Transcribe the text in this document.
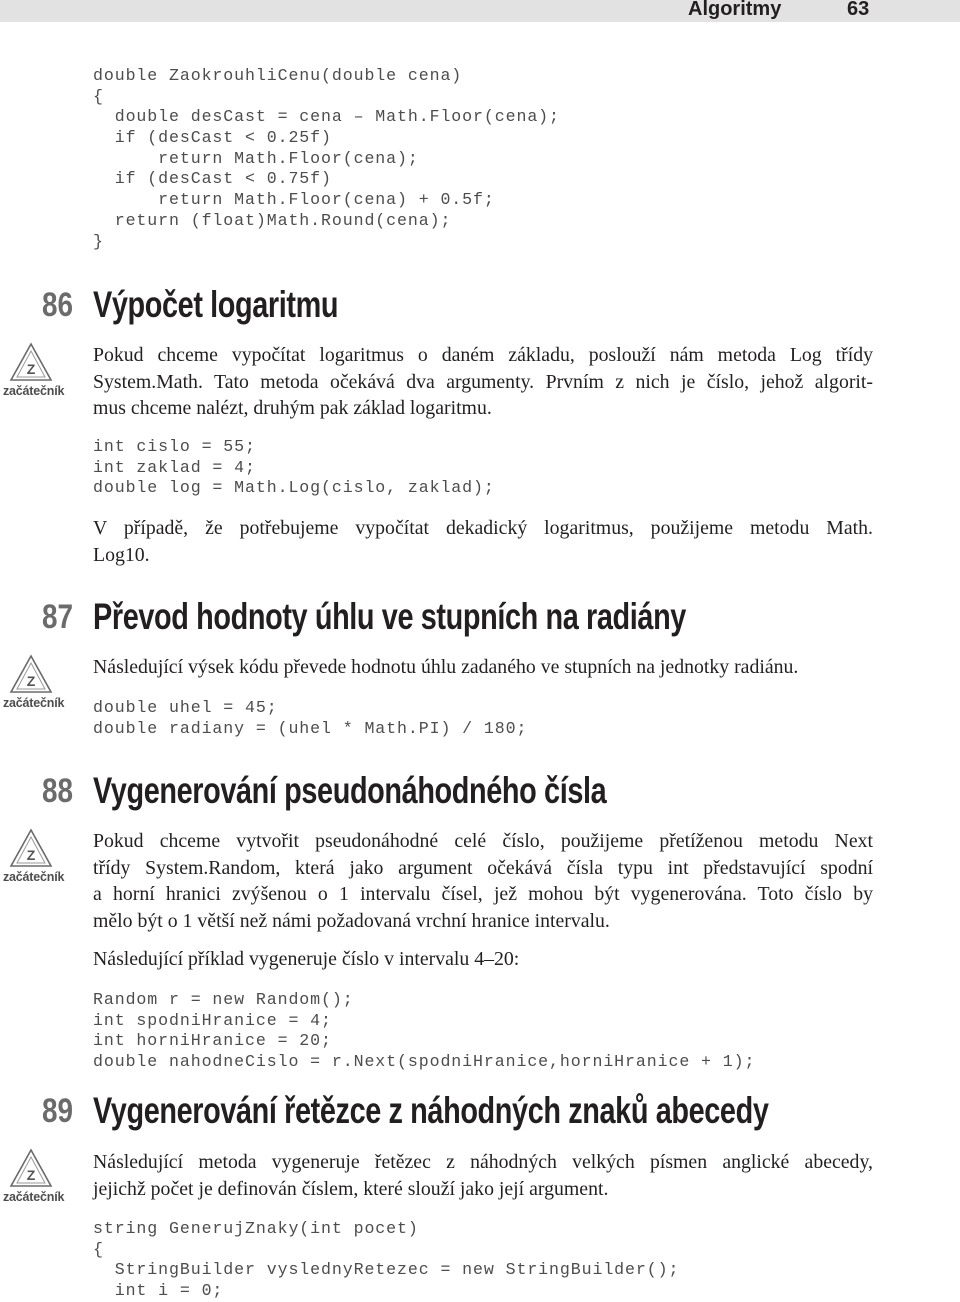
Algoritmy	63
double ZaokrouhliCenu(double cena)
{
double desCast = cena – Math.Floor(cena);
if (desCast < 0.25f)
return Math.Floor(cena);
if (desCast < 0.75f)
return Math.Floor(cena) + 0.5f;
return (float)Math.Round(cena);
}
86 Výpočet logaritmu
Z
začátečník
Pokud chceme vypočítat logaritmus o daném základu, poslouží nám metoda Log třídy
System.Math. Tato metoda očekává dva argumenty. Prvním z nich je číslo, jehož algorit-
mus chceme nalézt, druhým pak základ logaritmu.
int cislo = 55;
int zaklad = 4;
double log = Math.Log(cislo, zaklad);
V případě, že potřebujeme vypočítat dekadický logaritmus, použijeme metodu Math.
Log10.
87 Převod hodnoty úhlu ve stupních na radiány
Z
začátečník
Následující výsek kódu převede hodnotu úhlu zadaného ve stupních na jednotky radiánu.
double uhel = 45;
double radiany = (uhel * Math.PI) / 180;
88 Vygenerování pseudonáhodného čísla
Z
začátečník
Pokud chceme vytvořit pseudonáhodné celé číslo, použijeme přetíženou metodu Next
třídy System.Random, která jako argument očekává čísla typu int představující spodní
a horní hranici zvýšenou o 1 intervalu čísel, jež mohou být vygenerována. Toto číslo by
mělo být o 1 větší než námi požadovaná vrchní hranice intervalu.
Následující příklad vygeneruje číslo v intervalu 4–20:
Random r = new Random();
int spodniHranice = 4;
int horniHranice = 20;
double nahodneCislo = r.Next(spodniHranice,horniHranice + 1);
89 Vygenerování řetězce z náhodných znaků abecedy
Z
začátečník
Následující metoda vygeneruje řetězec z náhodných velkých písmen anglické abecedy,
jejichž počet je definován číslem, které slouží jako její argument.
string GenerujZnaky(int pocet)
{
StringBuilder vyslednyRetezec = new StringBuilder();
int i = 0;
